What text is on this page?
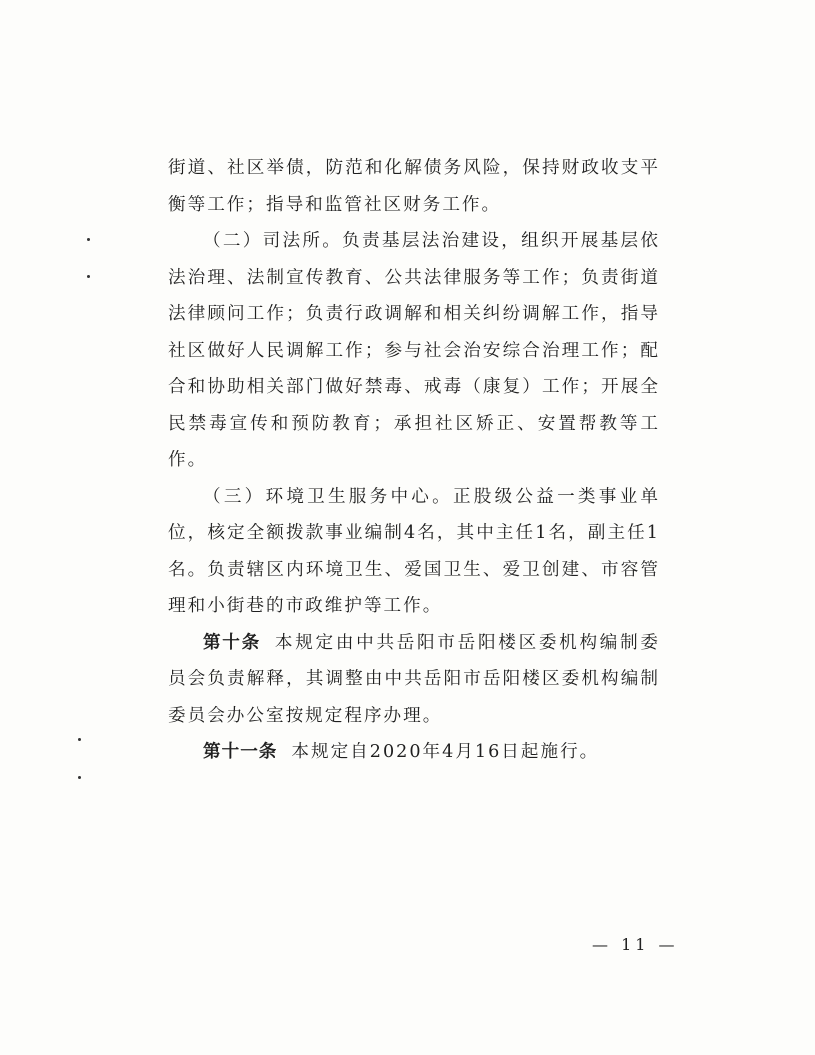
街道、社区举债，防范和化解债务风险，保持财政收支平衡等工作；指导和监管社区财务工作。

（二）司法所。负责基层法治建设，组织开展基层依法治理、法制宣传教育、公共法律服务等工作；负责街道法律顾问工作；负责行政调解和相关纠纷调解工作，指导社区做好人民调解工作；参与社会治安综合治理工作；配合和协助相关部门做好禁毒、戒毒（康复）工作；开展全民禁毒宣传和预防教育；承担社区矫正、安置帮教等工作。

（三）环境卫生服务中心。正股级公益一类事业单位，核定全额拨款事业编制4名，其中主任1名，副主任1名。负责辖区内环境卫生、爱国卫生、爱卫创建、市容管理和小街巷的市政维护等工作。

第十条 本规定由中共岳阳市岳阳楼区委机构编制委员会负责解释，其调整由中共岳阳市岳阳楼区委机构编制委员会办公室按规定程序办理。

第十一条 本规定自2020年4月16日起施行。

— 11 —
